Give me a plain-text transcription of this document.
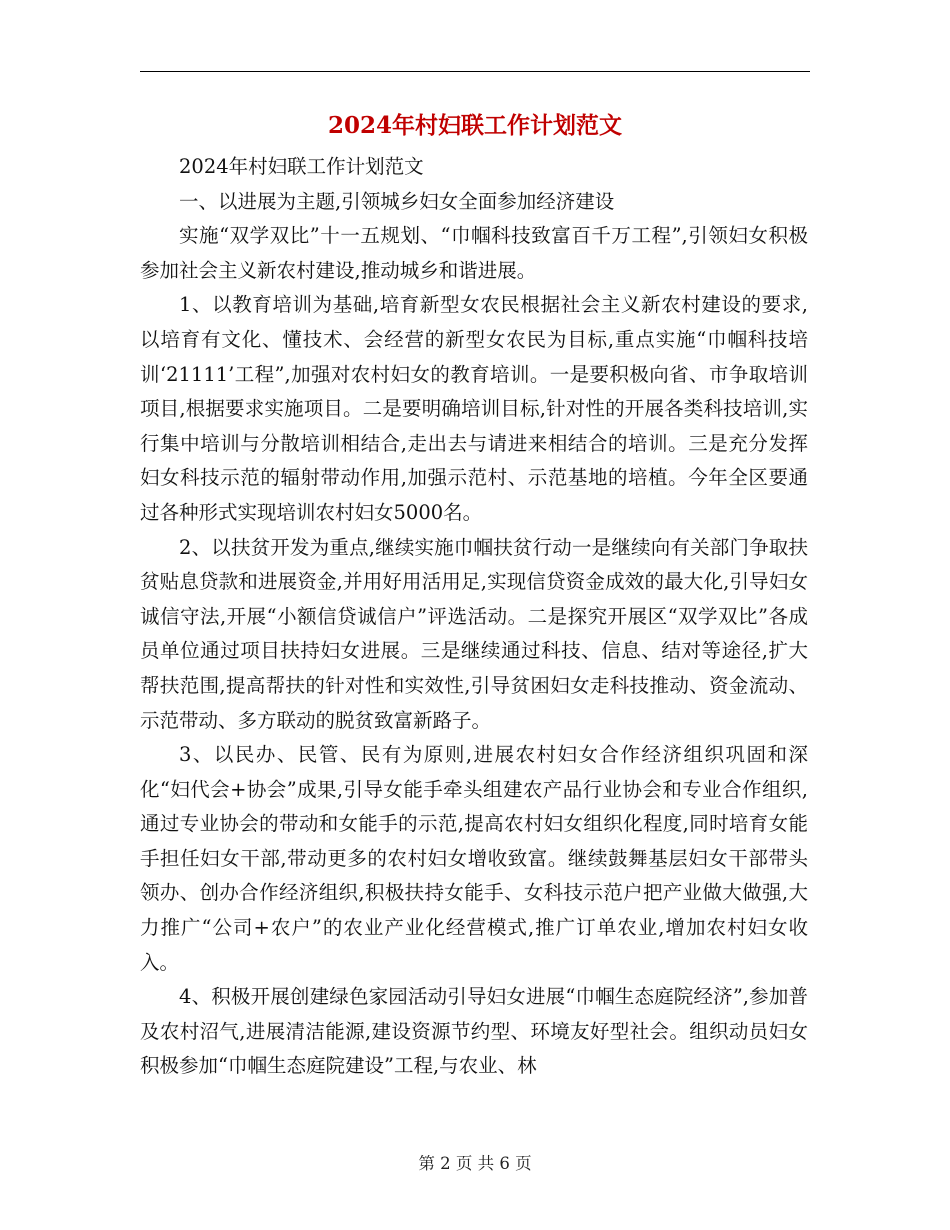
2024年村妇联工作计划范文

2024年村妇联工作计划范文

一、以进展为主题,引领城乡妇女全面参加经济建设

实施“双学双比”十一五规划、“巾帼科技致富百千万工程”,引领妇女积极参加社会主义新农村建设,推动城乡和谐进展。

1、以教育培训为基础,培育新型女农民根据社会主义新农村建设的要求,以培育有文化、懂技术、会经营的新型女农民为目标,重点实施“巾帼科技培训‘21111’工程”,加强对农村妇女的教育培训。一是要积极向省、市争取培训项目,根据要求实施项目。二是要明确培训目标,针对性的开展各类科技培训,实行集中培训与分散培训相结合,走出去与请进来相结合的培训。三是充分发挥妇女科技示范的辐射带动作用,加强示范村、示范基地的培植。今年全区要通过各种形式实现培训农村妇女5000名。

2、以扶贫开发为重点,继续实施巾帼扶贫行动一是继续向有关部门争取扶贫贴息贷款和进展资金,并用好用活用足,实现信贷资金成效的最大化,引导妇女诚信守法,开展“小额信贷诚信户”评选活动。二是探究开展区“双学双比”各成员单位通过项目扶持妇女进展。三是继续通过科技、信息、结对等途径,扩大帮扶范围,提高帮扶的针对性和实效性,引导贫困妇女走科技推动、资金流动、示范带动、多方联动的脱贫致富新路子。

3、以民办、民管、民有为原则,进展农村妇女合作经济组织巩固和深化“妇代会+协会”成果,引导女能手牵头组建农产品行业协会和专业合作组织,通过专业协会的带动和女能手的示范,提高农村妇女组织化程度,同时培育女能手担任妇女干部,带动更多的农村妇女增收致富。继续鼓舞基层妇女干部带头领办、创办合作经济组织,积极扶持女能手、女科技示范户把产业做大做强,大力推广“公司+农户”的农业产业化经营模式,推广订单农业,增加农村妇女收入。

4、积极开展创建绿色家园活动引导妇女进展“巾帼生态庭院经济”,参加普及农村沼气,进展清洁能源,建设资源节约型、环境友好型社会。组织动员妇女积极参加“巾帼生态庭院建设”工程,与农业、林

第 2 页 共 6 页
